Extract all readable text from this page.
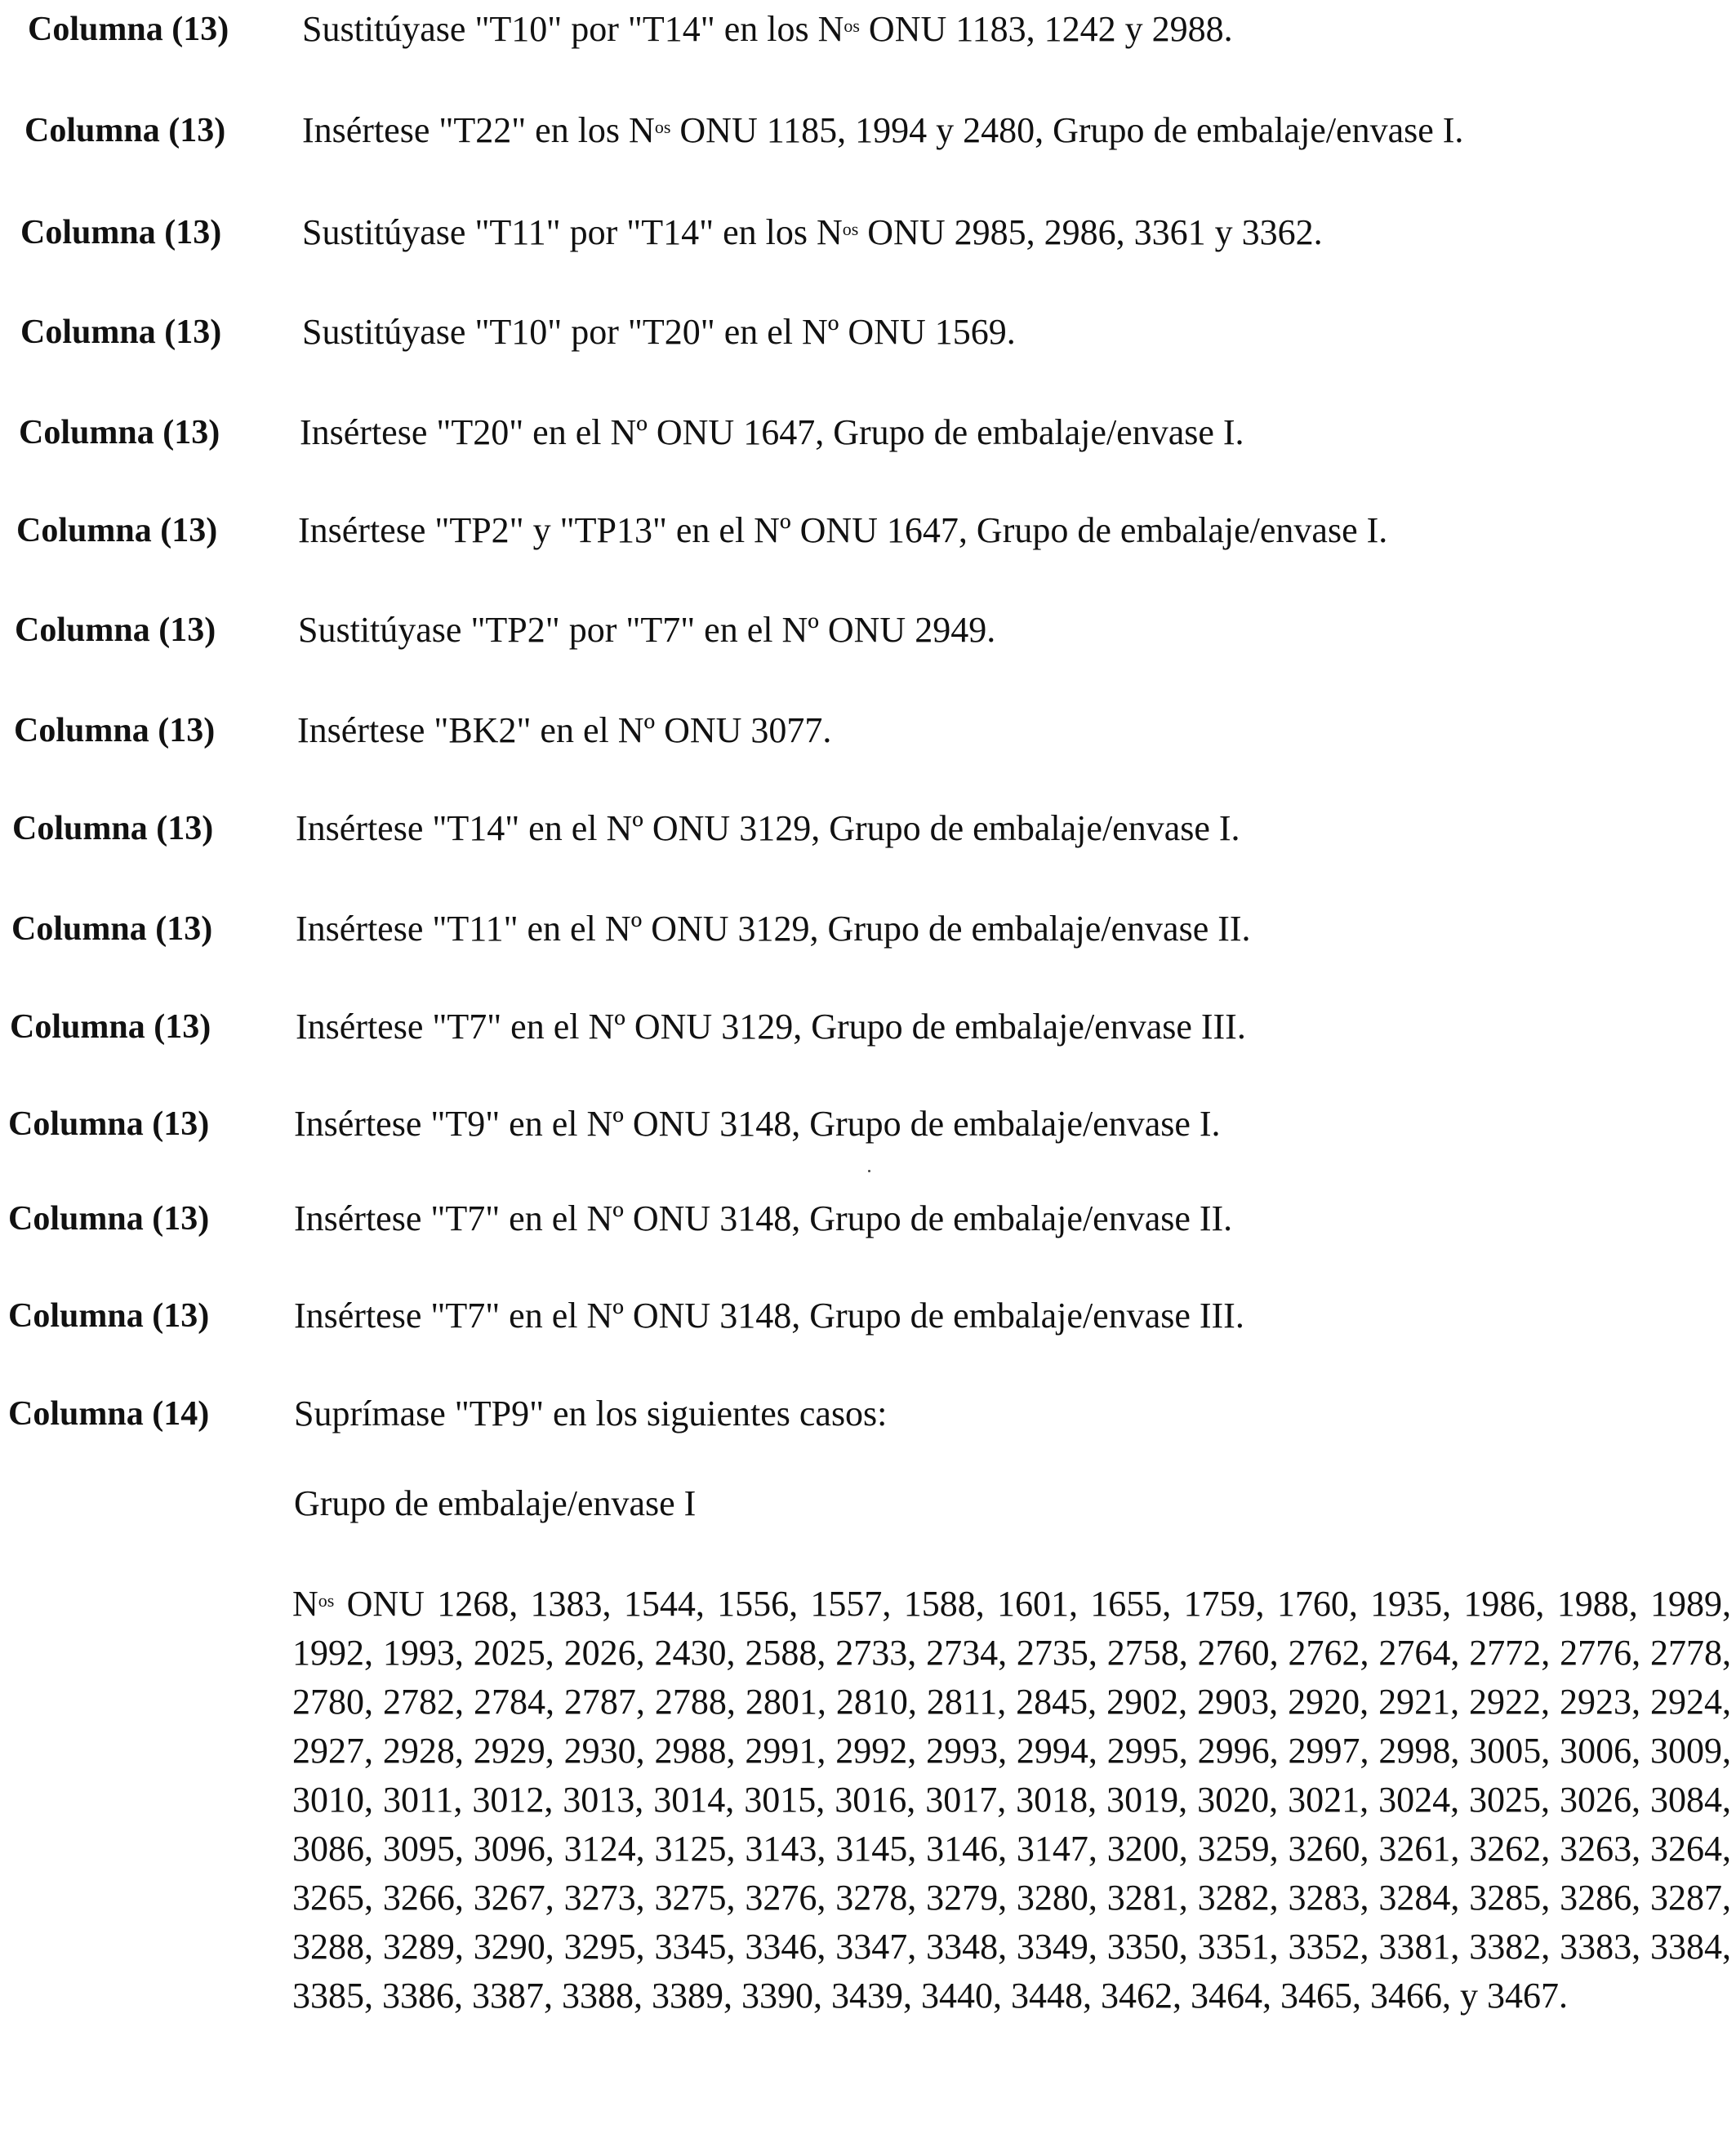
Columna (13) Sustitúyase "T10" por "T14" en los $N^{os}$ ONU 1183, 1242 y 2988.
Columna (13) Insértese "T22" en los $N^{os}$ ONU 1185, 1994 y 2480, Grupo de embalaje/envase I.
Columna (13) Sustitúyase "T11" por "T14" en los $N^{os}$ ONU 2985, 2986, 3361 y 3362.
Columna (13) Sustitúyase "T10" por "T20" en el Nº ONU 1569.
Columna (13) Insértese "T20" en el Nº ONU 1647, Grupo de embalaje/envase I.
Columna (13) Insértese "TP2" y "TP13" en el Nº ONU 1647, Grupo de embalaje/envase I.
Columna (13) Sustitúyase "TP2" por "T7" en el Nº ONU 2949.
Columna (13) Insértese "BK2" en el Nº ONU 3077.
Columna (13) Insértese "T14" en el Nº ONU 3129, Grupo de embalaje/envase I.
Columna (13) Insértese "T11" en el Nº ONU 3129, Grupo de embalaje/envase II.
Columna (13) Insértese "T7" en el Nº ONU 3129, Grupo de embalaje/envase III.
Columna (13) Insértese "T9" en el Nº ONU 3148, Grupo de embalaje/envase I.
Columna (13) Insértese "T7" en el Nº ONU 3148, Grupo de embalaje/envase II.
Columna (13) Insértese "T7" en el Nº ONU 3148, Grupo de embalaje/envase III.
Columna (14) Suprímase "TP9" en los siguientes casos:
Grupo de embalaje/envase I
$N^{os}$ ONU 1268, 1383, 1544, 1556, 1557, 1588, 1601, 1655, 1759, 1760, 1935, 1986, 1988, 1989, 1992, 1993, 2025, 2026, 2430, 2588, 2733, 2734, 2735, 2758, 2760, 2762, 2764, 2772, 2776, 2778, 2780, 2782, 2784, 2787, 2788, 2801, 2810, 2811, 2845, 2902, 2903, 2920, 2921, 2922, 2923, 2924, 2927, 2928, 2929, 2930, 2988, 2991, 2992, 2993, 2994, 2995, 2996, 2997, 2998, 3005, 3006, 3009, 3010, 3011, 3012, 3013, 3014, 3015, 3016, 3017, 3018, 3019, 3020, 3021, 3024, 3025, 3026, 3084, 3086, 3095, 3096, 3124, 3125, 3143, 3145, 3146, 3147, 3200, 3259, 3260, 3261, 3262, 3263, 3264, 3265, 3266, 3267, 3273, 3275, 3276, 3278, 3279, 3280, 3281, 3282, 3283, 3284, 3285, 3286, 3287, 3288, 3289, 3290, 3295, 3345, 3346, 3347, 3348, 3349, 3350, 3351, 3352, 3381, 3382, 3383, 3384, 3385, 3386, 3387, 3388, 3389, 3390, 3439, 3440, 3448, 3462, 3464, 3465, 3466, y 3467.
